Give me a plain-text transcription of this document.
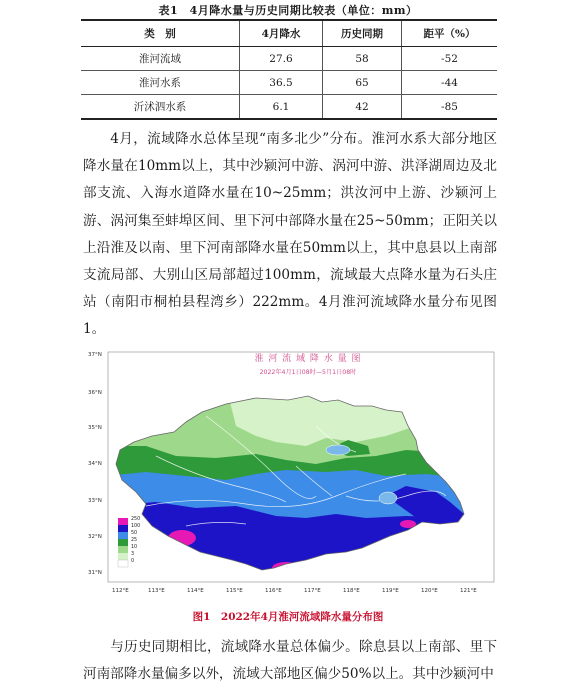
表1　4月降水量与历史同期比较表（单位：mm）
类　别	4月降水	历史同期	距平（%）
淮河流域	27.6	58	-52
淮河水系	36.5	65	-44
沂沭泗水系	6.1	42	-85

4月，流域降水总体呈现“南多北少”分布。淮河水系大部分地区降水量在10mm以上，其中沙颍河中游、涡河中游、洪泽湖周边及北部支流、入海水道降水量在10~25mm；洪汝河中上游、沙颍河上游、涡河集至蚌埠区间、里下河中部降水量在25~50mm；正阳关以上沿淮及以南、里下河南部降水量在50mm以上，其中息县以上南部支流局部、大别山区局部超过100mm，流域最大点降水量为石头庄站（南阳市桐柏县程湾乡）222mm。4月淮河流域降水量分布见图1。

淮 河 流 域 降 水 量 图
2022年4月1日08时—5月1日08时
37°N
36°N
35°N
34°N
33°N
32°N
31°N
112°E	113°E	114°E	115°E	116°E	117°E	118°E	119°E	120°E	121°E
250
100
50
25
10
3
0
图1　2022年4月淮河流域降水量分布图

与历史同期相比，流域降水量总体偏少。除息县以上南部、里下河南部降水量偏多以外，流域大部地区偏少50%以上。其中沙颍河中
